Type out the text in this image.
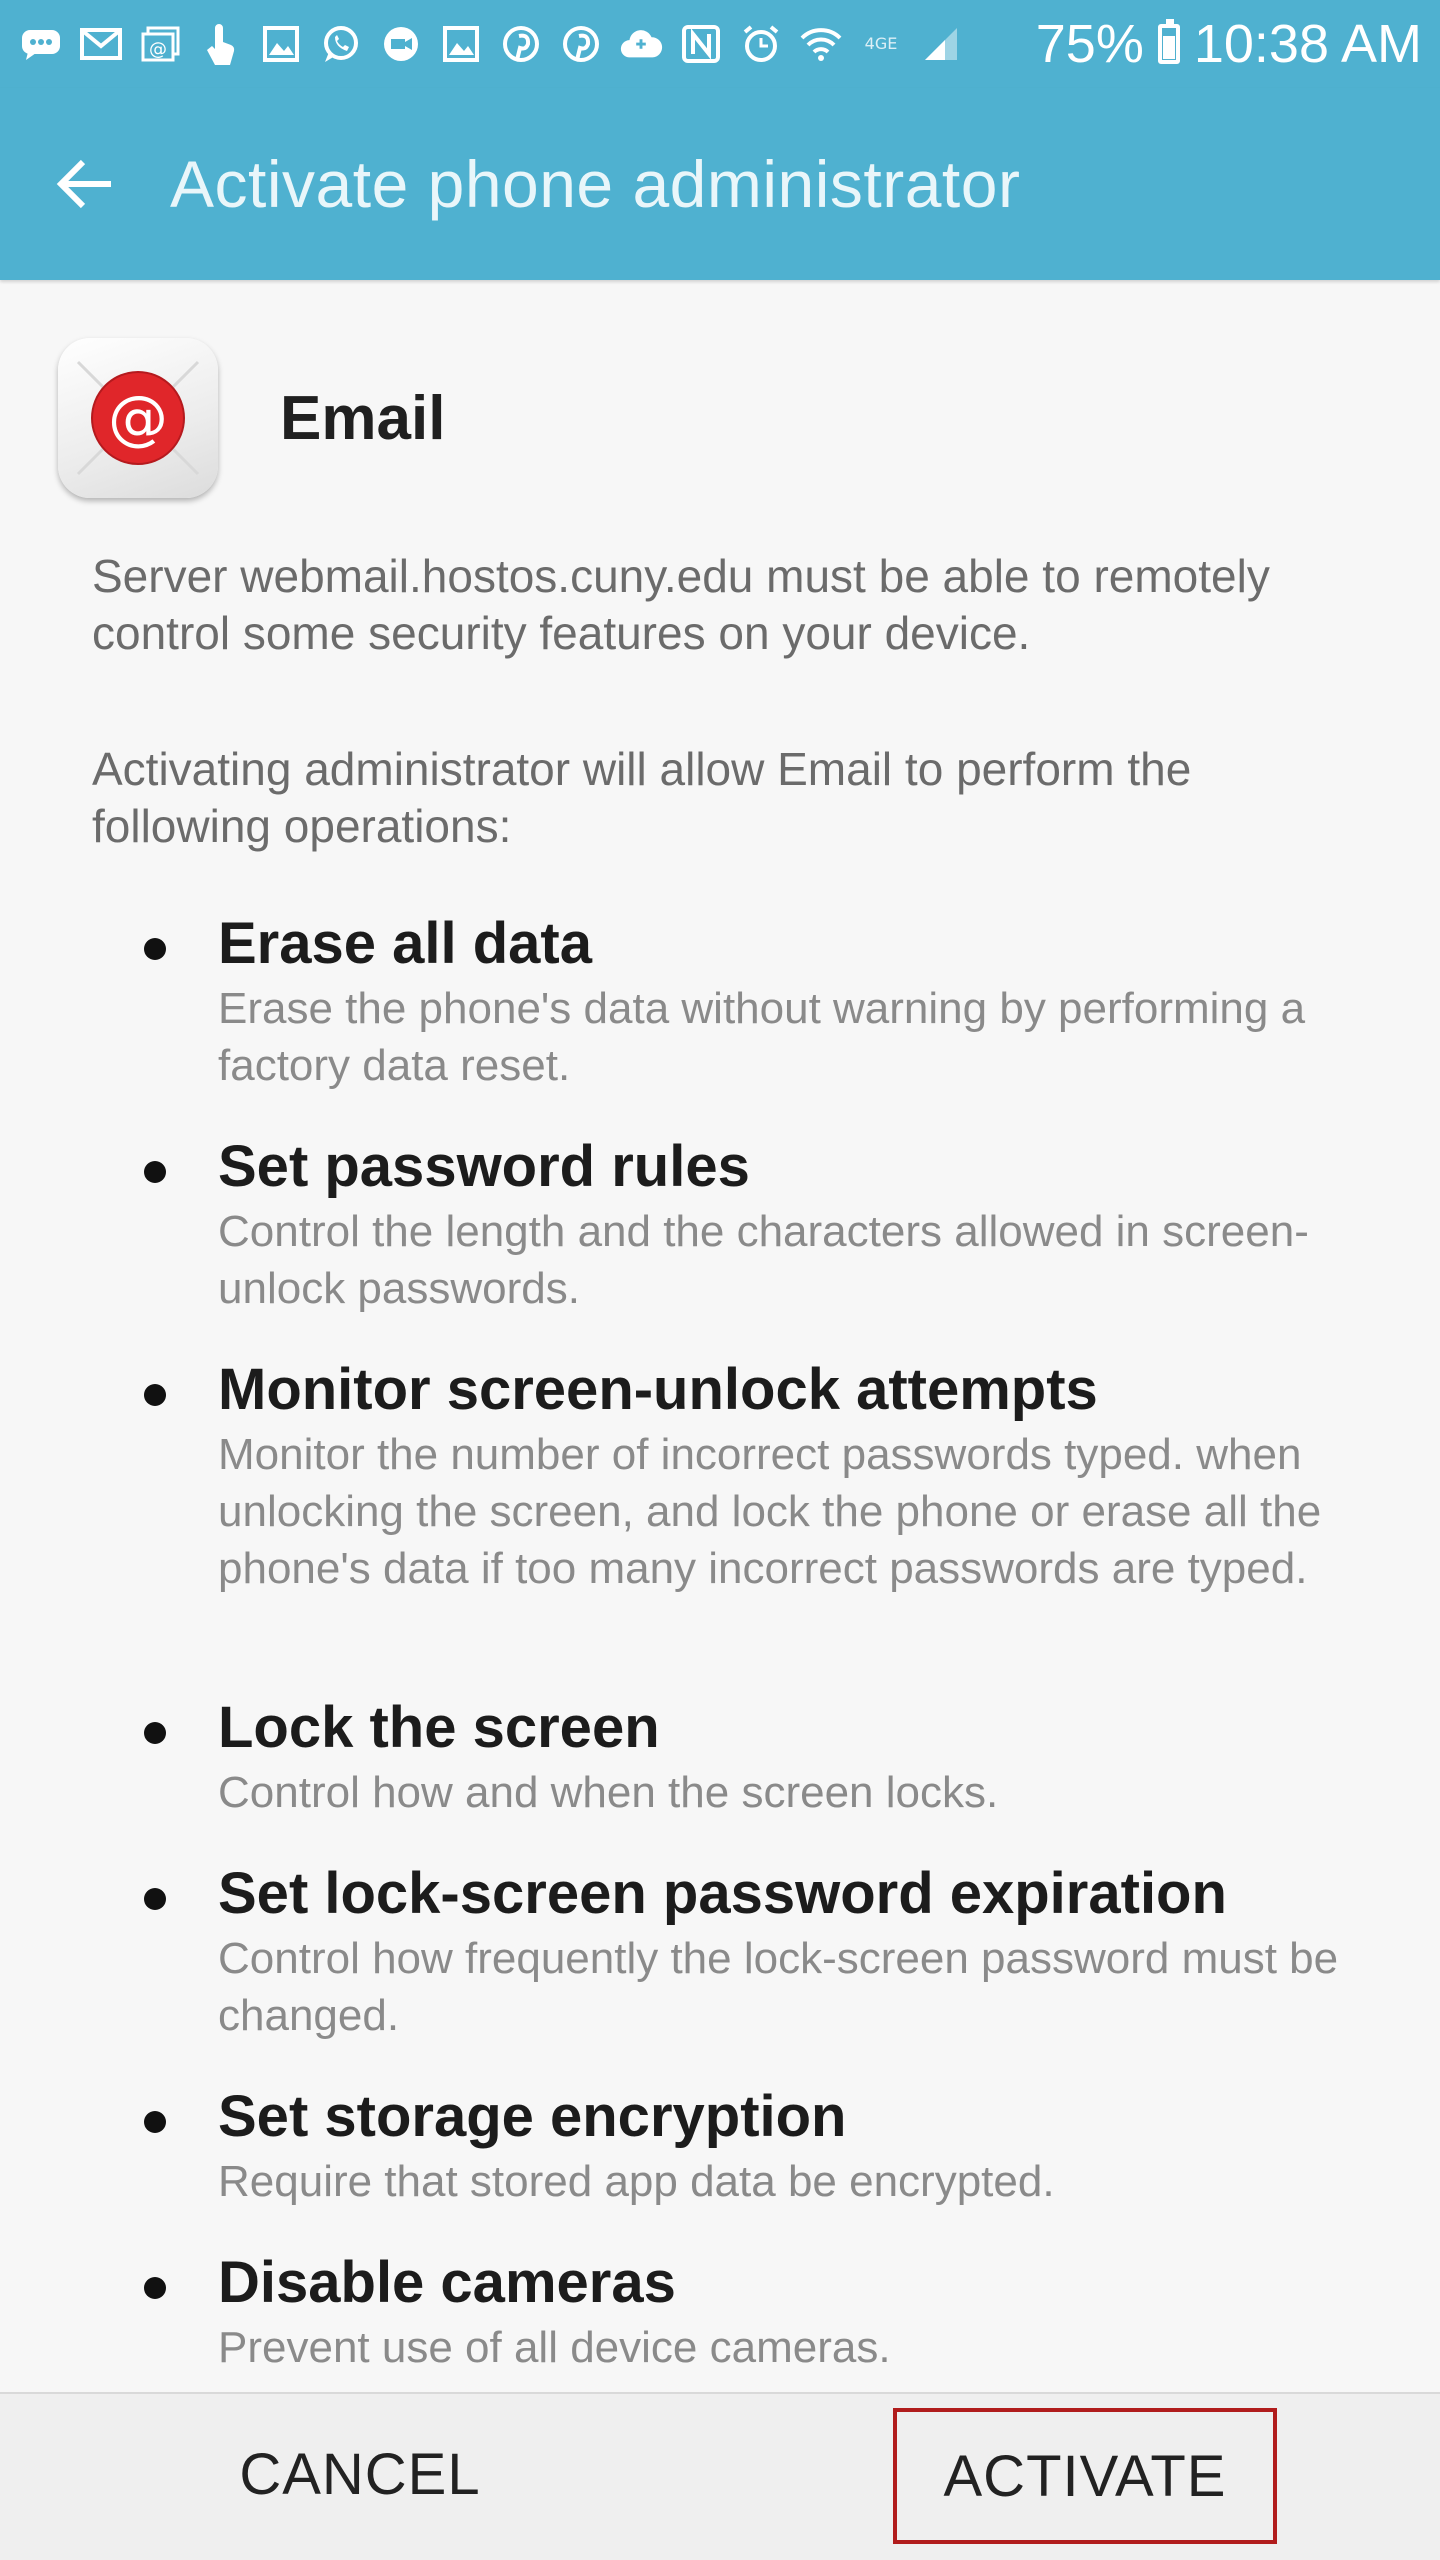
@	4GE	75% 10:38 AM
Activate phone administrator
@ Email
Server webmail.hostos.cuny.edu must be able to remotely control some security features on your device.
Activating administrator will allow Email to perform the following operations:
Erase all data
Erase the phone's data without warning by performing a factory data reset.
Set password rules
Control the length and the characters allowed in screen-unlock passwords.
Monitor screen-unlock attempts
Monitor the number of incorrect passwords typed. when unlocking the screen, and lock the phone or erase all the phone's data if too many incorrect passwords are typed.
Lock the screen
Control how and when the screen locks.
Set lock-screen password expiration
Control how frequently the lock-screen password must be changed.
Set storage encryption
Require that stored app data be encrypted.
Disable cameras
Prevent use of all device cameras.
CANCEL	ACTIVATE
